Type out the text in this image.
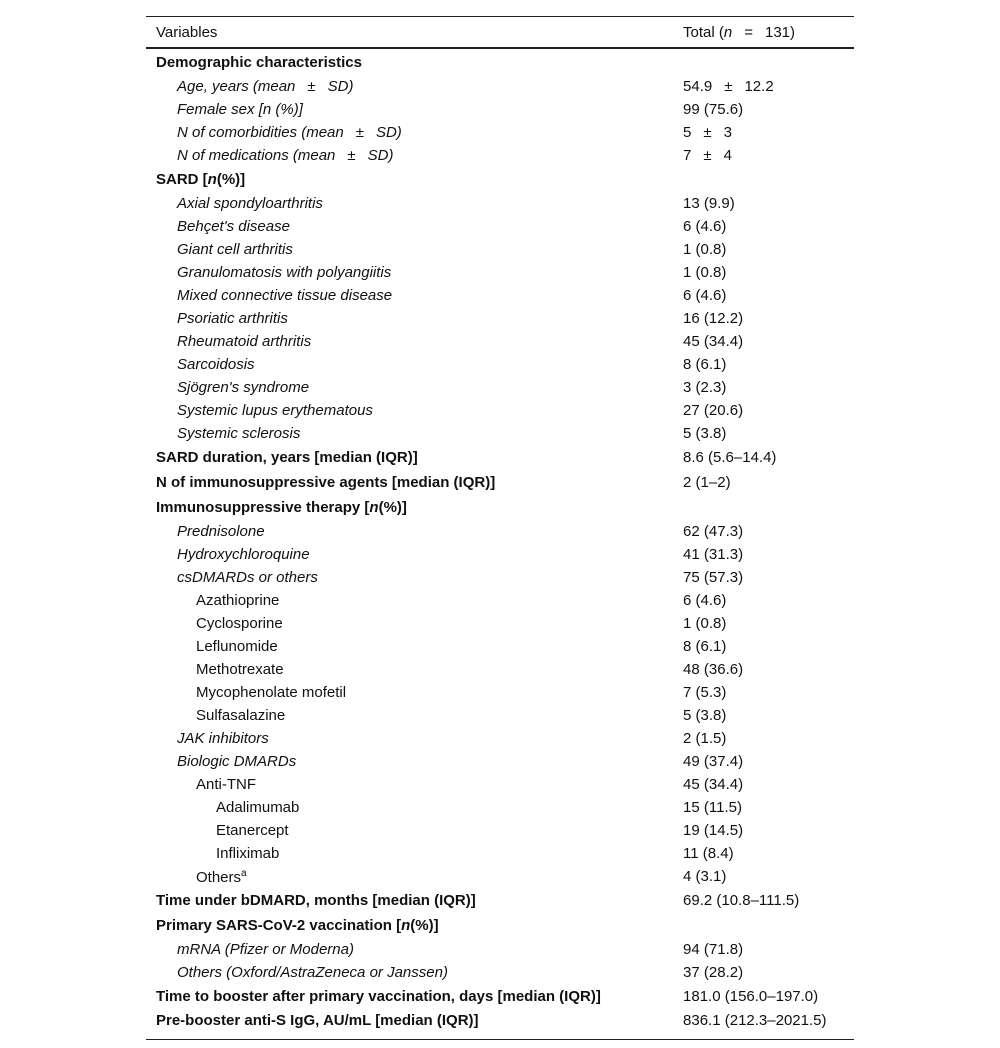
Variables	Total (n = 131)
Demographic characteristics	
Age, years (mean ± SD)	54.9 ± 12.2
Female sex [n (%)]	99 (75.6)
N of comorbidities (mean ± SD)	5 ± 3
N of medications (mean ± SD)	7 ± 4
SARD [n(%)]	
Axial spondyloarthritis	13 (9.9)
Behçet's disease	6 (4.6)
Giant cell arthritis	1 (0.8)
Granulomatosis with polyangiitis	1 (0.8)
Mixed connective tissue disease	6 (4.6)
Psoriatic arthritis	16 (12.2)
Rheumatoid arthritis	45 (34.4)
Sarcoidosis	8 (6.1)
Sjögren's syndrome	3 (2.3)
Systemic lupus erythematous	27 (20.6)
Systemic sclerosis	5 (3.8)
SARD duration, years [median (IQR)]	8.6 (5.6–14.4)
N of immunosuppressive agents [median (IQR)]	2 (1–2)
Immunosuppressive therapy [n(%)]	
Prednisolone	62 (47.3)
Hydroxychloroquine	41 (31.3)
csDMARDs or others	75 (57.3)
Azathioprine	6 (4.6)
Cyclosporine	1 (0.8)
Leflunomide	8 (6.1)
Methotrexate	48 (36.6)
Mycophenolate mofetil	7 (5.3)
Sulfasalazine	5 (3.8)
JAK inhibitors	2 (1.5)
Biologic DMARDs	49 (37.4)
Anti-TNF	45 (34.4)
Adalimumab	15 (11.5)
Etanercept	19 (14.5)
Infliximab	11 (8.4)
Others$^a$	4 (3.1)
Time under bDMARD, months [median (IQR)]	69.2 (10.8–111.5)
Primary SARS-CoV-2 vaccination [n(%)]	
mRNA (Pfizer or Moderna)	94 (71.8)
Others (Oxford/AstraZeneca or Janssen)	37 (28.2)
Time to booster after primary vaccination, days [median (IQR)]	181.0 (156.0–197.0)
Pre-booster anti-S IgG, AU/mL [median (IQR)]	836.1 (212.3–2021.5)
